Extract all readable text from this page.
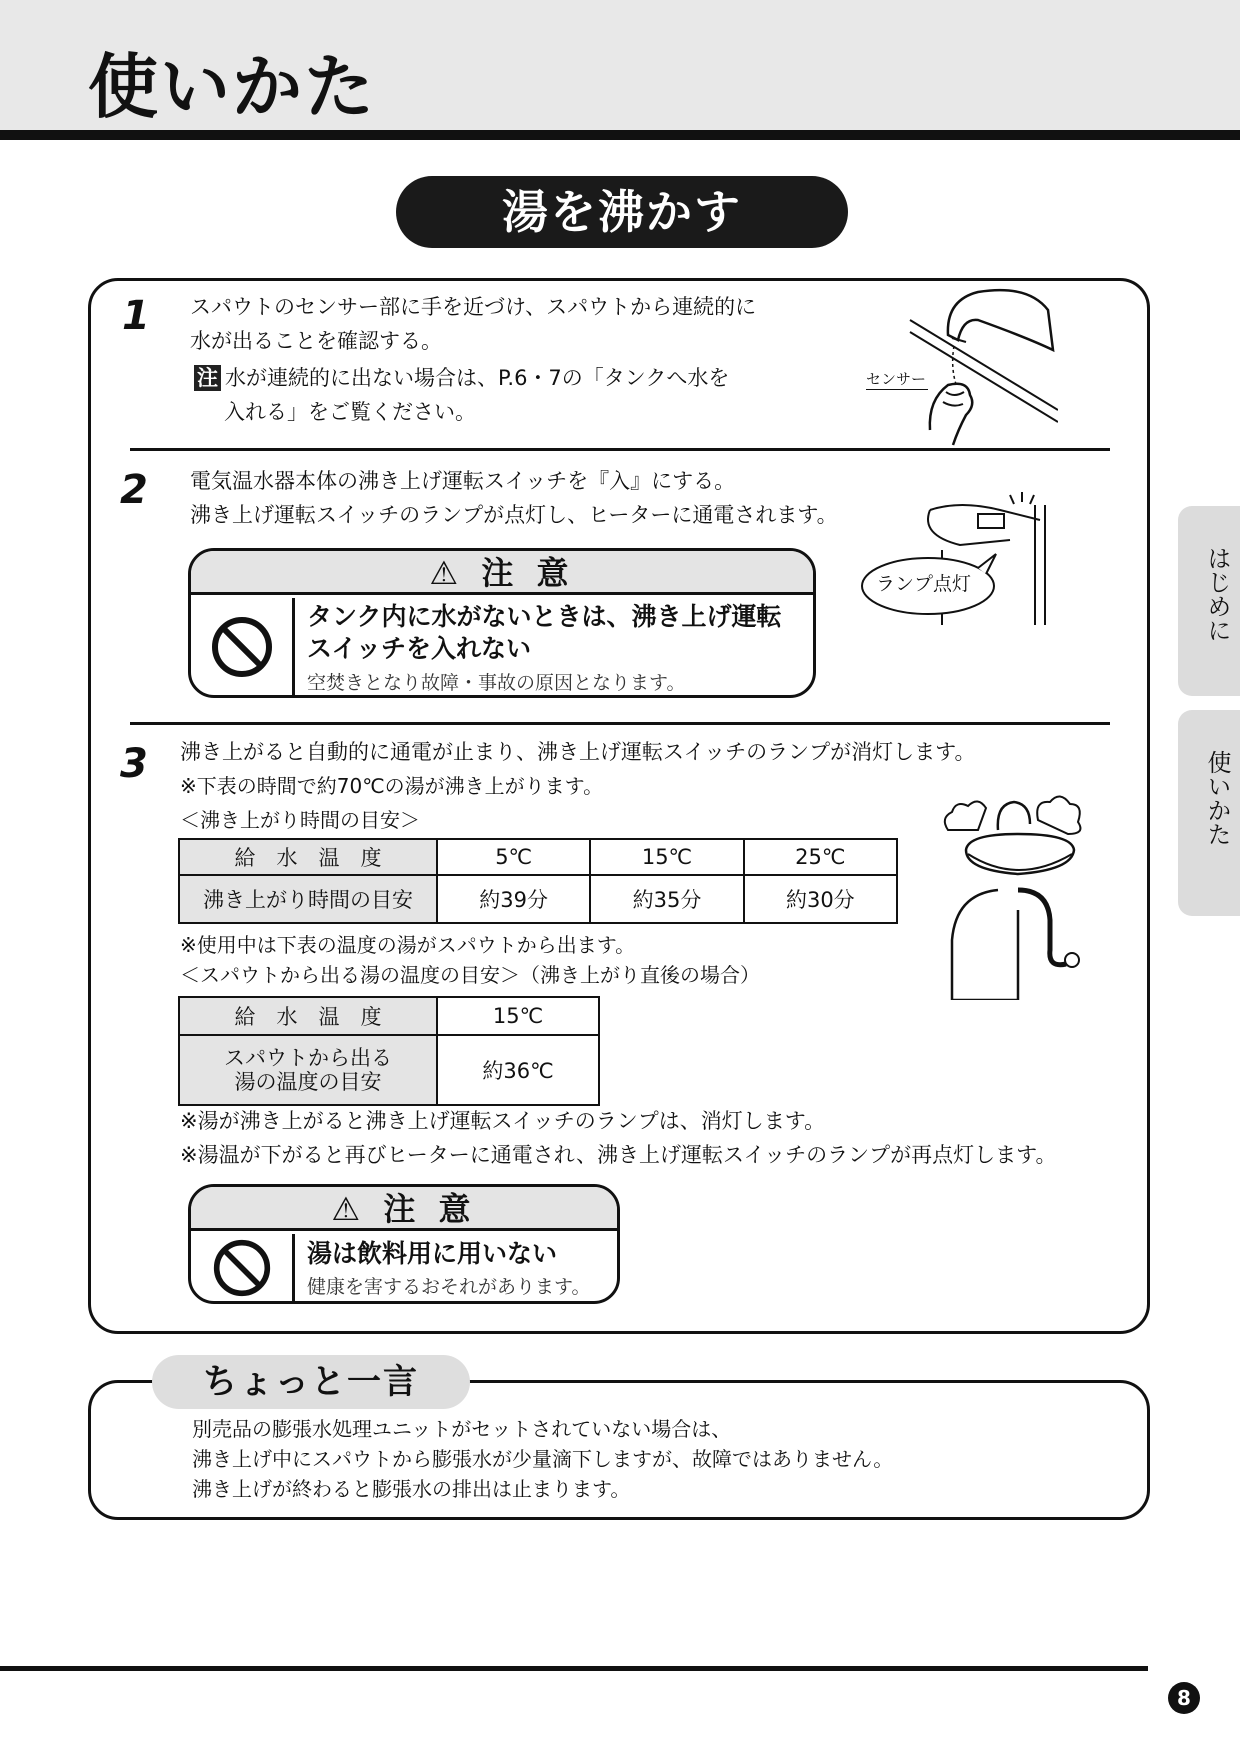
使いかた
湯を沸かす
1 スパウトのセンサー部に手を近づけ、スパウトから連続的に
水が出ることを確認する。
注 水が連続的に出ない場合は、P.6・7の「タンクへ水を
入れる」をご覧ください。
センサー
2 電気温水器本体の沸き上げ運転スイッチを『入』にする。
沸き上げ運転スイッチのランプが点灯し、ヒーターに通電されます。
⚠ 注 意
タンク内に水がないときは、沸き上げ運転
スイッチを入れない
空焚きとなり故障・事故の原因となります。
ランプ点灯
3 沸き上がると自動的に通電が止まり、沸き上げ運転スイッチのランプが消灯します。
※下表の時間で約70℃の湯が沸き上がります。
＜沸き上がり時間の目安＞
給　水　温　度	5℃	15℃	25℃
沸き上がり時間の目安	約39分	約35分	約30分
※使用中は下表の温度の湯がスパウトから出ます。
＜スパウトから出る湯の温度の目安＞（沸き上がり直後の場合）
給　水　温　度	15℃

スパウトから出る
湯の温度の目安	約36℃
※湯が沸き上がると沸き上げ運転スイッチのランプは、消灯します。
※湯温が下がると再びヒーターに通電され、沸き上げ運転スイッチのランプが再点灯します。
⚠ 注 意
湯は飲料用に用いない
健康を害するおそれがあります。
ちょっと一言
別売品の膨張水処理ユニットがセットされていない場合は、
沸き上げ中にスパウトから膨張水が少量滴下しますが、故障ではありません。
沸き上げが終わると膨張水の排出は止まります。
はじめに
使いかた
8
